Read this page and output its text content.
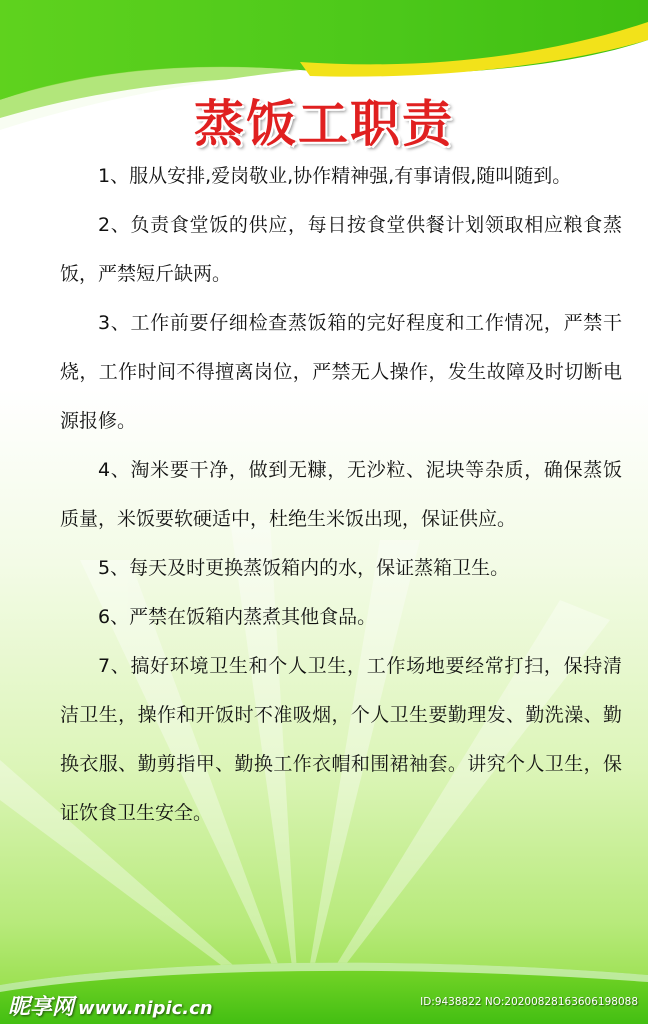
蒸饭工职责

1、服从安排,爱岗敬业,协作精神强,有事请假,随叫随到。

2、负责食堂饭的供应，每日按食堂供餐计划领取相应粮食蒸饭，严禁短斤缺两。

3、工作前要仔细检查蒸饭箱的完好程度和工作情况，严禁干烧，工作时间不得擅离岗位，严禁无人操作，发生故障及时切断电源报修。

4、淘米要干净，做到无糠，无沙粒、泥块等杂质，确保蒸饭质量，米饭要软硬适中，杜绝生米饭出现，保证供应。

5、每天及时更换蒸饭箱内的水，保证蒸箱卫生。

6、严禁在饭箱内蒸煮其他食品。

7、搞好环境卫生和个人卫生，工作场地要经常打扫，保持清洁卫生，操作和开饭时不准吸烟，个人卫生要勤理发、勤洗澡、勤换衣服、勤剪指甲、勤换工作衣帽和围裙袖套。讲究个人卫生，保证饮食卫生安全。

昵享网 www.nipic.cn	ID:9438822 NO:20200828163606198088
